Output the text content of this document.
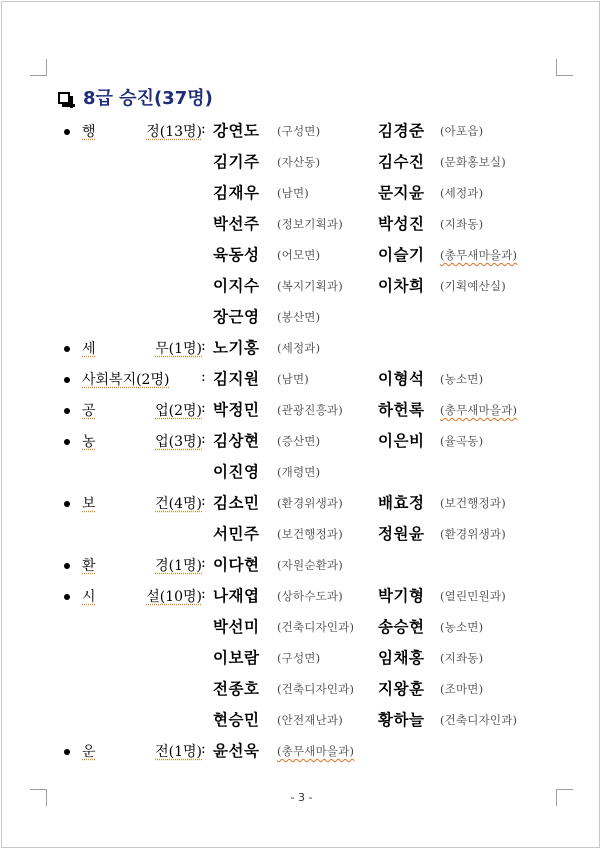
8급 승진(37명)
행	정(13명) : 강연도 (구성면)	김경준 (아포읍)
김기주 (자산동)	김수진 (문화홍보실)
김재우 (남면)	문지윤 (세정과)
박선주 (정보기획과) 박성진 (지좌동)
육동성 (어모면)	이슬기 (총무새마을과)
이지수 (복지기획과) 이차희 (기획예산실)
장근영 (봉산면)
세	무(1명) : 노기홍 (세정과)
사회복지(2명) : 김지원 (남면)	이형석 (농소면)
공	업(2명) : 박정민 (관광진흥과) 하헌록 (총무새마을과)
농	업(3명) : 김상현 (증산면)	이은비 (율곡동)
이진영 (개령면)
보	건(4명) : 김소민 (환경위생과) 배효정 (보건행정과)
서민주 (보건행정과) 정원윤 (환경위생과)
환	경(1명) : 이다현 (자원순환과)
시	설(10명) : 나재엽 (상하수도과) 박기형 (열린민원과)
박선미 (건축디자인과) 송승현 (농소면)
이보람 (구성면)	임채홍 (지좌동)
전종호 (건축디자인과) 지왕훈 (조마면)
현승민 (안전재난과) 황하늘 (건축디자인과)
운	전(1명) : 윤선욱 (총무새마을과)
- 3 -
